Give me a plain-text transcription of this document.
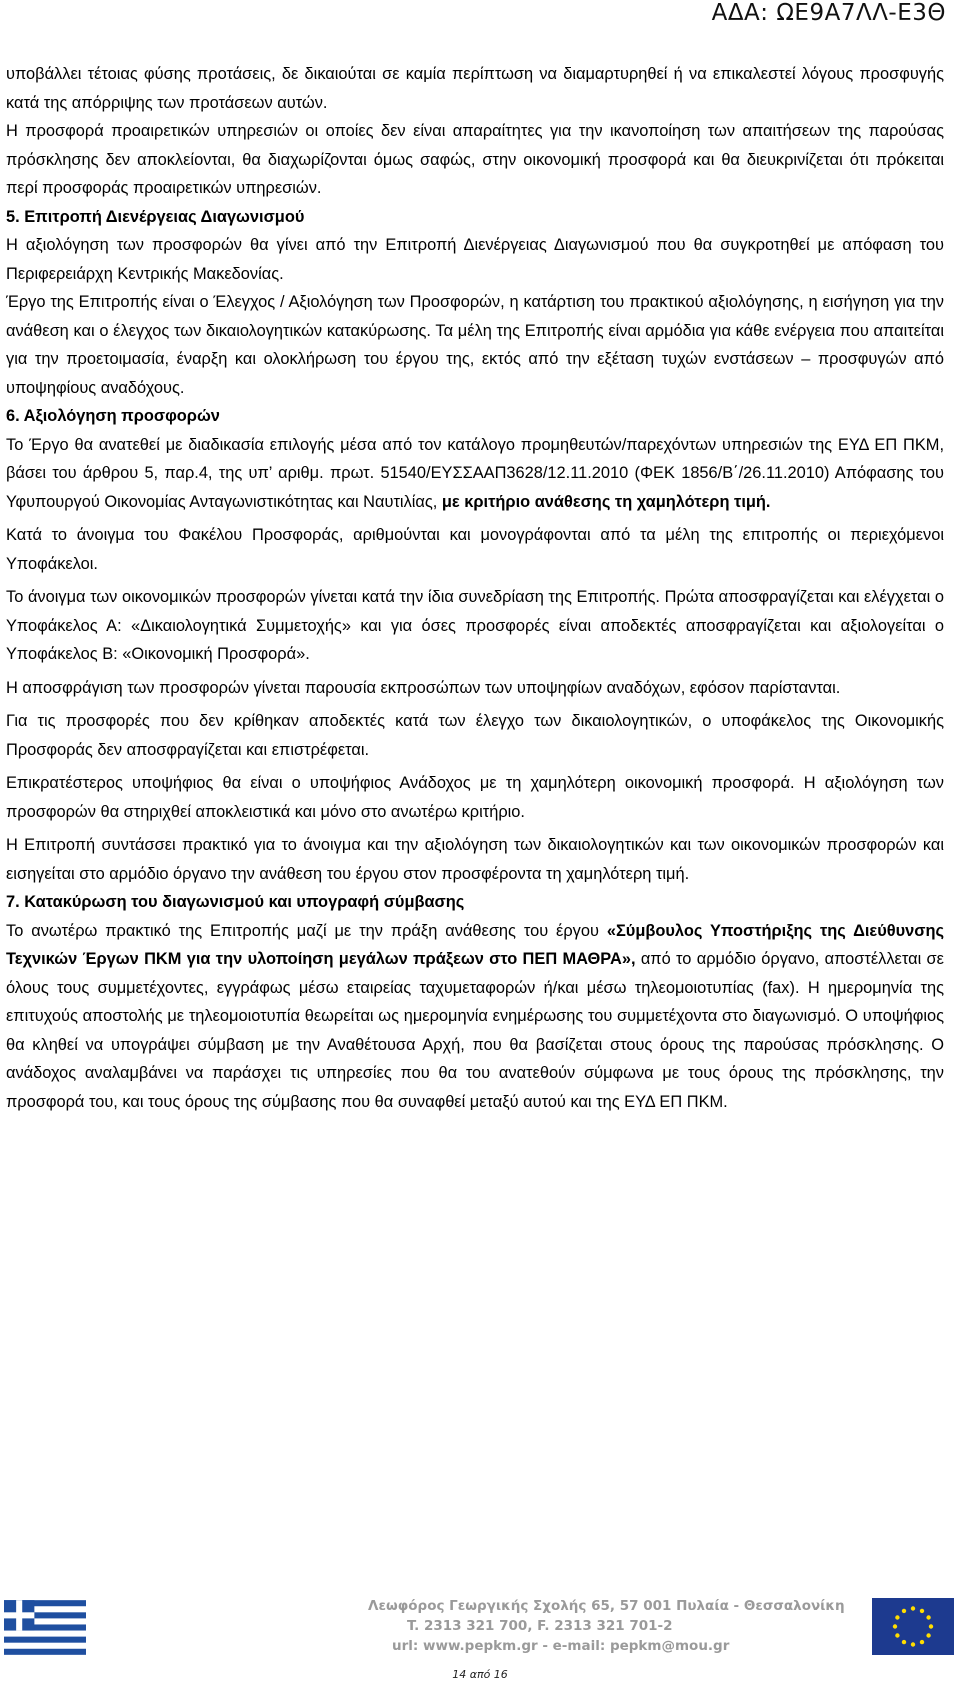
ΑΔΑ: ΩΕ9Α7ΛΛ-Ε3Θ

υποβάλλει τέτοιας φύσης προτάσεις, δε δικαιούται σε καμία περίπτωση να διαμαρτυρηθεί ή να επικαλεστεί λόγους προσφυγής κατά της απόρριψης των προτάσεων αυτών.

Η προσφορά προαιρετικών υπηρεσιών οι οποίες δεν είναι απαραίτητες για την ικανοποίηση των απαιτήσεων της παρούσας πρόσκλησης δεν αποκλείονται, θα διαχωρίζονται όμως σαφώς, στην οικονομική προσφορά και θα διευκρινίζεται ότι πρόκειται περί προσφοράς προαιρετικών υπηρεσιών.

5. Επιτροπή Διενέργειας Διαγωνισμού

Η αξιολόγηση των προσφορών θα γίνει από την Επιτροπή Διενέργειας Διαγωνισμού που θα συγκροτηθεί με απόφαση του Περιφερειάρχη Κεντρικής Μακεδονίας.

Έργο της Επιτροπής είναι ο Έλεγχος / Αξιολόγηση των Προσφορών, η κατάρτιση του πρακτικού αξιολόγησης, η εισήγηση για την ανάθεση και ο έλεγχος των δικαιολογητικών κατακύρωσης. Τα μέλη της Επιτροπής είναι αρμόδια για κάθε ενέργεια που απαιτείται για την προετοιμασία, έναρξη και ολοκλήρωση του έργου της, εκτός από την εξέταση τυχών ενστάσεων – προσφυγών από υποψηφίους αναδόχους.

6. Αξιολόγηση προσφορών

Το Έργο θα ανατεθεί με διαδικασία επιλογής μέσα από τον κατάλογο προμηθευτών/παρεχόντων υπηρεσιών της ΕΥΔ ΕΠ ΠΚΜ, βάσει του άρθρου 5, παρ.4, της υπ’ αριθμ. πρωτ. 51540/ΕΥΣΣΑΑΠ3628/12.11.2010 (ΦΕΚ 1856/Β΄/26.11.2010) Απόφασης του Υφυπουργού Οικονομίας Ανταγωνιστικότητας και Ναυτιλίας, με κριτήριο ανάθεσης τη χαμηλότερη τιμή.

Κατά το άνοιγμα του Φακέλου Προσφοράς, αριθμούνται και μονογράφονται από τα μέλη της επιτροπής οι περιεχόμενοι Υποφάκελοι.

Το άνοιγμα των οικονομικών προσφορών γίνεται κατά την ίδια συνεδρίαση της Επιτροπής. Πρώτα αποσφραγίζεται και ελέγχεται ο Υποφάκελος Α: «Δικαιολογητικά Συμμετοχής» και για όσες προσφορές είναι αποδεκτές αποσφραγίζεται και αξιολογείται ο Υποφάκελος Β: «Οικονομική Προσφορά».

Η αποσφράγιση των προσφορών γίνεται παρουσία εκπροσώπων των υποψηφίων αναδόχων, εφόσον παρίστανται.

Για τις προσφορές που δεν κρίθηκαν αποδεκτές κατά των έλεγχο των δικαιολογητικών, ο υποφάκελος της Οικονομικής Προσφοράς δεν αποσφραγίζεται και επιστρέφεται.

Επικρατέστερος υποψήφιος θα είναι ο υποψήφιος Ανάδοχος με τη χαμηλότερη οικονομική προσφορά. Η αξιολόγηση των προσφορών θα στηριχθεί αποκλειστικά και μόνο στο ανωτέρω κριτήριο.

Η Επιτροπή συντάσσει πρακτικό για το άνοιγμα και την αξιολόγηση των δικαιολογητικών και των οικονομικών προσφορών και εισηγείται στο αρμόδιο όργανο την ανάθεση του έργου στον προσφέροντα τη χαμηλότερη τιμή.

7. Κατακύρωση του διαγωνισμού και υπογραφή σύμβασης

Το ανωτέρω πρακτικό της Επιτροπής μαζί με την πράξη ανάθεσης του έργου «Σύμβουλος Υποστήριξης της Διεύθυνσης Τεχνικών Έργων ΠΚΜ για την υλοποίηση μεγάλων πράξεων στο ΠΕΠ ΜΑΘΡΑ», από το αρμόδιο όργανο, αποστέλλεται σε όλους τους συμμετέχοντες, εγγράφως μέσω εταιρείας ταχυμεταφορών ή/και μέσω τηλεομοιοτυπίας (fax). Η ημερομηνία της επιτυχούς αποστολής με τηλεομοιοτυπία θεωρείται ως ημερομηνία ενημέρωσης του συμμετέχοντα στο διαγωνισμό. Ο υποψήφιος θα κληθεί να υπογράψει σύμβαση με την Αναθέτουσα Αρχή, που θα βασίζεται στους όρους της παρούσας πρόσκλησης. Ο ανάδοχος αναλαμβάνει να παράσχει τις υπηρεσίες που θα του ανατεθούν σύμφωνα με τους όρους της πρόσκλησης, την προσφορά του, και τους όρους της σύμβασης που θα συναφθεί μεταξύ αυτού και της ΕΥΔ ΕΠ ΠΚΜ.

Λεωφόρος Γεωργικής Σχολής 65, 57 001 Πυλαία - Θεσσαλονίκη
T. 2313 321 700, F. 2313 321 701-2
url: www.pepkm.gr - e-mail: pepkm@mou.gr
14 από 16
